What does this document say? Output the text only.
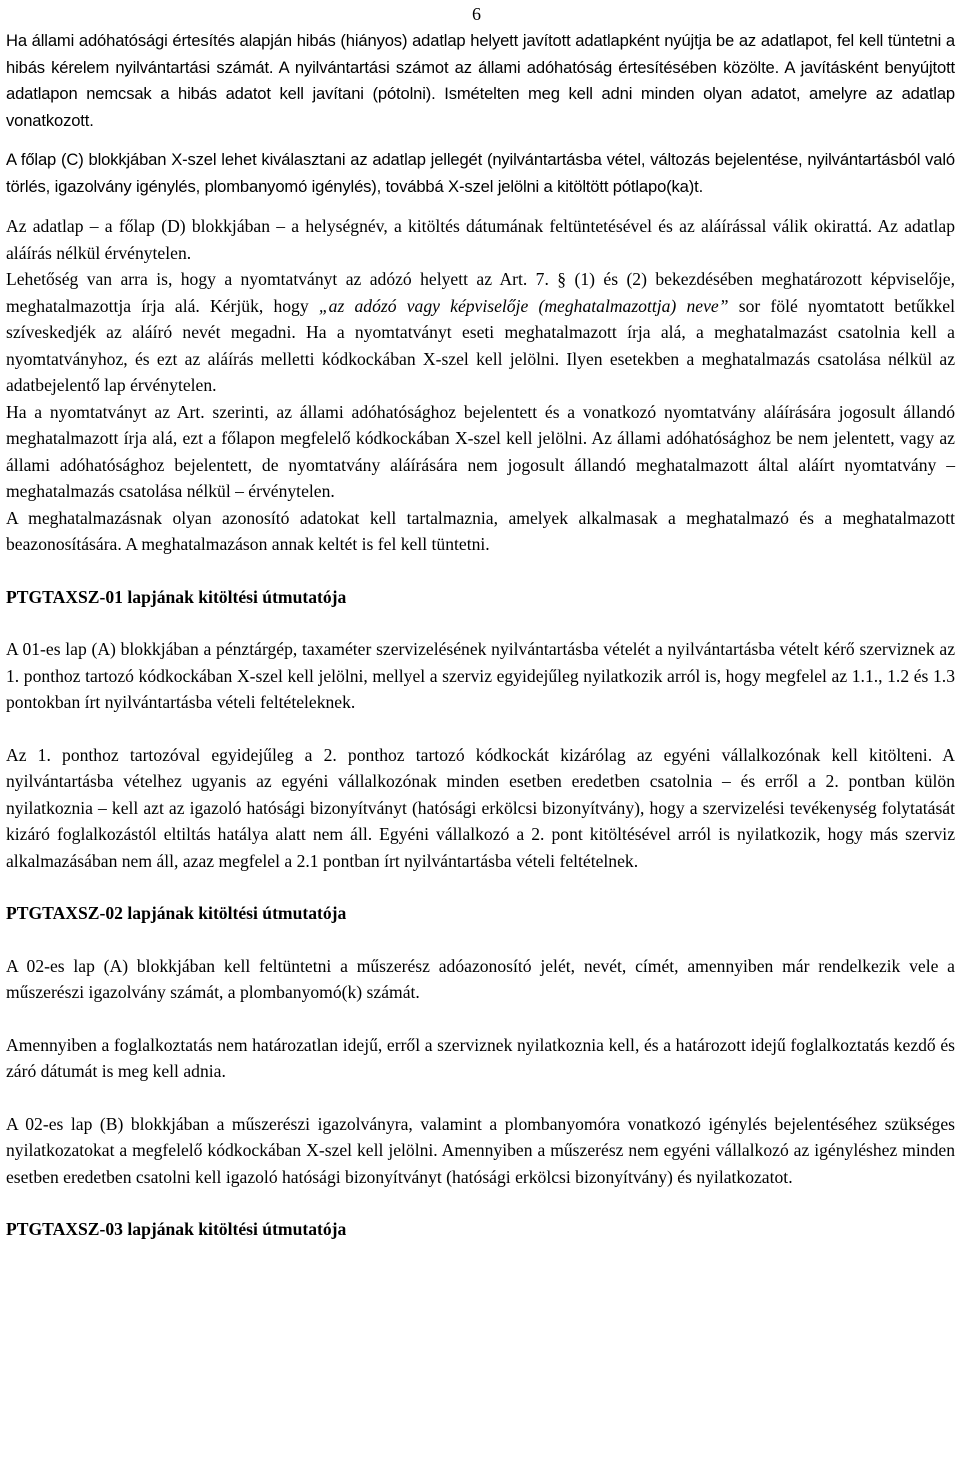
6

Ha állami adóhatósági értesítés alapján hibás (hiányos) adatlap helyett javított adatlapként nyújtja be az adatlapot, fel kell tüntetni a hibás kérelem nyilvántartási számát. A nyilvántartási számot az állami adóhatóság értesítésében közölte. A javításként benyújtott adatlapon nemcsak a hibás adatot kell javítani (pótolni). Ismételten meg kell adni minden olyan adatot, amelyre az adatlap vonatkozott.

A főlap (C) blokkjában X-szel lehet kiválasztani az adatlap jellegét (nyilvántartásba vétel, változás bejelentése, nyilvántartásból való törlés, igazolvány igénylés, plombanyomó igénylés), továbbá X-szel jelölni a kitöltött pótlapo(ka)t.

Az adatlap – a főlap (D) blokkjában – a helységnév, a kitöltés dátumának feltüntetésével és az aláírással válik okirattá. Az adatlap aláírás nélkül érvénytelen.

Lehetőség van arra is, hogy a nyomtatványt az adózó helyett az Art. 7. § (1) és (2) bekezdésében meghatározott képviselője, meghatalmazottja írja alá. Kérjük, hogy „az adózó vagy képviselője (meghatalmazottja) neve” sor fölé nyomtatott betűkkel szíveskedjék az aláíró nevét megadni. Ha a nyomtatványt eseti meghatalmazott írja alá, a meghatalmazást csatolnia kell a nyomtatványhoz, és ezt az aláírás melletti kódkockában X-szel kell jelölni. Ilyen esetekben a meghatalmazás csatolása nélkül az adatbejelentő lap érvénytelen.

Ha a nyomtatványt az Art. szerinti, az állami adóhatósághoz bejelentett és a vonatkozó nyomtatvány aláírására jogosult állandó meghatalmazott írja alá, ezt a főlapon megfelelő kódkockában X-szel kell jelölni. Az állami adóhatósághoz be nem jelentett, vagy az állami adóhatósághoz bejelentett, de nyomtatvány aláírására nem jogosult állandó meghatalmazott által aláírt nyomtatvány – meghatalmazás csatolása nélkül – érvénytelen.

A meghatalmazásnak olyan azonosító adatokat kell tartalmaznia, amelyek alkalmasak a meghatalmazó és a meghatalmazott beazonosítására. A meghatalmazáson annak keltét is fel kell tüntetni.

PTGTAXSZ-01 lapjának kitöltési útmutatója

A 01-es lap (A) blokkjában a pénztárgép, taxaméter szervizelésének nyilvántartásba vételét a nyilvántartásba vételt kérő szerviznek az 1. ponthoz tartozó kódkockában X-szel kell jelölni, mellyel a szerviz egyidejűleg nyilatkozik arról is, hogy megfelel az 1.1., 1.2 és 1.3 pontokban írt nyilvántartásba vételi feltételeknek.

Az 1. ponthoz tartozóval egyidejűleg a 2. ponthoz tartozó kódkockát kizárólag az egyéni vállalkozónak kell kitölteni. A nyilvántartásba vételhez ugyanis az egyéni vállalkozónak minden esetben eredetben csatolnia – és erről a 2. pontban külön nyilatkoznia – kell azt az igazoló hatósági bizonyítványt (hatósági erkölcsi bizonyítvány), hogy a szervizelési tevékenység folytatását kizáró foglalkozástól eltiltás hatálya alatt nem áll. Egyéni vállalkozó a 2. pont kitöltésével arról is nyilatkozik, hogy más szerviz alkalmazásában nem áll, azaz megfelel a 2.1 pontban írt nyilvántartásba vételi feltételnek.

PTGTAXSZ-02 lapjának kitöltési útmutatója

A 02-es lap (A) blokkjában kell feltüntetni a műszerész adóazonosító jelét, nevét, címét, amennyiben már rendelkezik vele a műszerészi igazolvány számát, a plombanyomó(k) számát.

Amennyiben a foglalkoztatás nem határozatlan idejű, erről a szerviznek nyilatkoznia kell, és a határozott idejű foglalkoztatás kezdő és záró dátumát is meg kell adnia.

A 02-es lap (B) blokkjában a műszerészi igazolványra, valamint a plombanyomóra vonatkozó igénylés bejelentéséhez szükséges nyilatkozatokat a megfelelő kódkockában X-szel kell jelölni. Amennyiben a műszerész nem egyéni vállalkozó az igényléshez minden esetben eredetben csatolni kell igazoló hatósági bizonyítványt (hatósági erkölcsi bizonyítvány) és nyilatkozatot.

PTGTAXSZ-03 lapjának kitöltési útmutatója
